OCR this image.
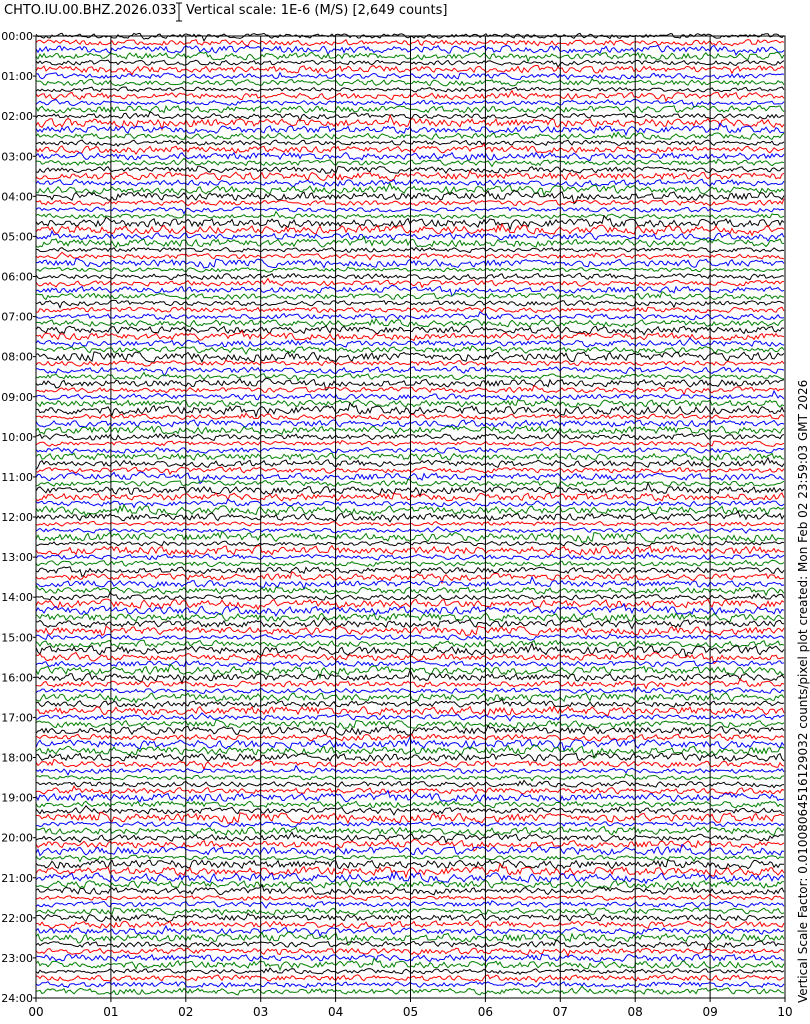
CHTO.IU.00.BHZ.2026.033 Vertical scale: 1E-6 (M/S) [2,649 counts]
00:00
01:00
02:00
03:00
04:00
05:00
06:00
07:00
08:00
09:00
10:00
11:00
12:00
13:00
14:00
15:00
16:00
17:00
18:00
19:00
20:00
21:00
22:00
23:00
24:00
00	01	02	03	04	05	06	07	08	09	10
Vertical Scale Factor: 0.01008064516129032 counts/pixel plot created: Mon Feb 02 23:59:03 GMT 2026
